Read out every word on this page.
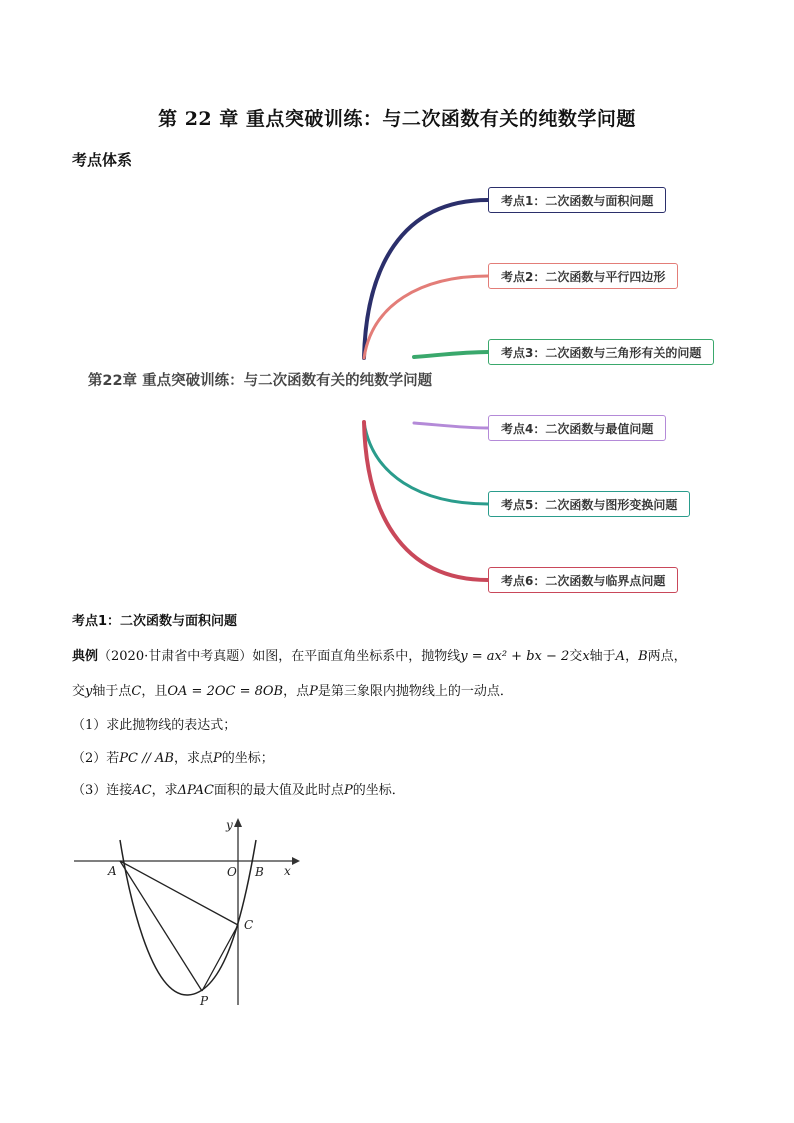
第 22 章 重点突破训练：与二次函数有关的纯数学问题
考点体系
第22章 重点突破训练：与二次函数有关的纯数学问题
考点1：二次函数与面积问题
考点2：二次函数与平行四边形
考点3：二次函数与三角形有关的问题
考点4：二次函数与最值问题
考点5：二次函数与图形变换问题
考点6：二次函数与临界点问题
考点1：二次函数与面积问题
典例（2020·甘肃省中考真题）如图，在平面直角坐标系中，抛物线y = ax² + bx − 2交x轴于A，B两点，
交y轴于点C，且OA = 2OC = 8OB，点P是第三象限内抛物线上的一动点．
（1）求此抛物线的表达式；
（2）若PC // AB，求点P的坐标；
（3）连接AC，求ΔPAC面积的最大值及此时点P的坐标．
y
x
O
A	B
C
P
